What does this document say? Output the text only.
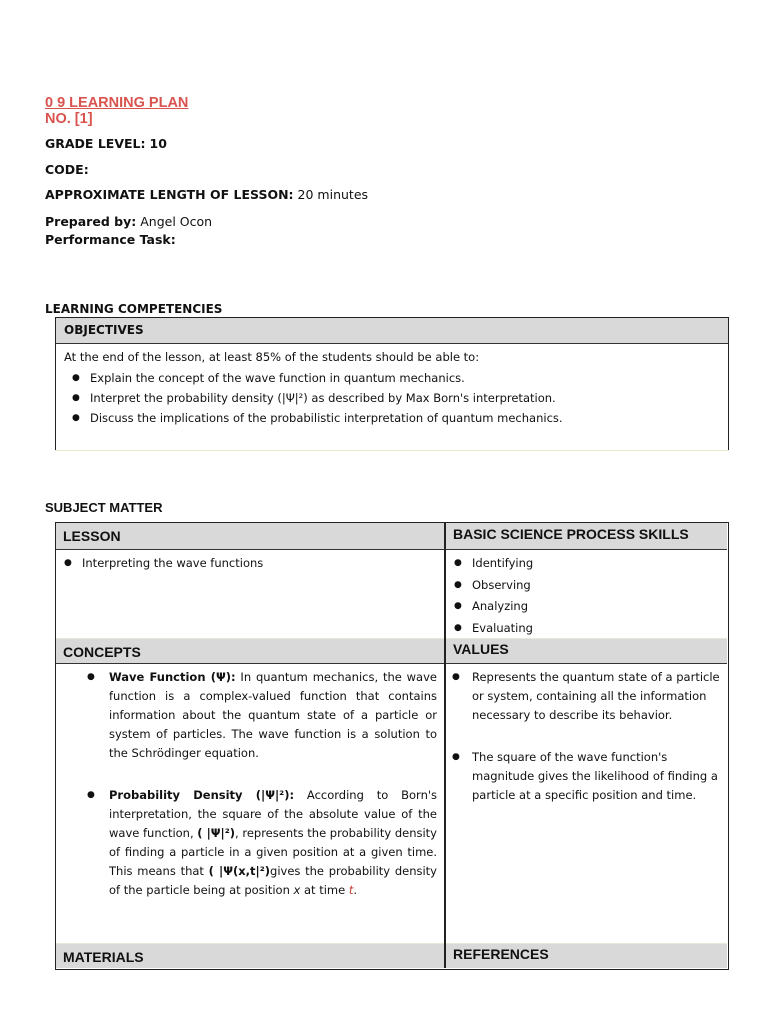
0 9 LEARNING PLAN
NO. [1]
GRADE LEVEL: 10
CODE:
APPROXIMATE LENGTH OF LESSON: 20 minutes
Prepared by: Angel Ocon
Performance Task:
LEARNING COMPETENCIES
OBJECTIVES
At the end of the lesson, at least 85% of the students should be able to:
● Explain the concept of the wave function in quantum mechanics.
● Interpret the probability density (|Ψ|²) as described by Max Born's interpretation.
● Discuss the implications of the probabilistic interpretation of quantum mechanics.
SUBJECT MATTER
LESSON	BASIC SCIENCE PROCESS SKILLS
● Interpreting the wave functions
●	Identifying
● Observing
● Analyzing
● Evaluating
CONCEPTS	VALUES
● Wave Function (Ψ): In quantum mechanics, the wave function is a complex-valued function that contains information about the quantum state of a particle or system of particles. The wave function is a solution to the Schrödinger equation.
● Probability Density (|Ψ|²): According to Born's interpretation, the square of the absolute value of the wave function, ( |Ψ|²), represents the probability density of finding a particle in a given position at a given time. This means that ( |Ψ(x,t|²)gives the probability density of the particle being at position x at time t.
● Represents the quantum state of a particle or system, containing all the information necessary to describe its behavior.
● The square of the wave function's magnitude gives the likelihood of finding a particle at a specific position and time.
MATERIALS	REFERENCES
